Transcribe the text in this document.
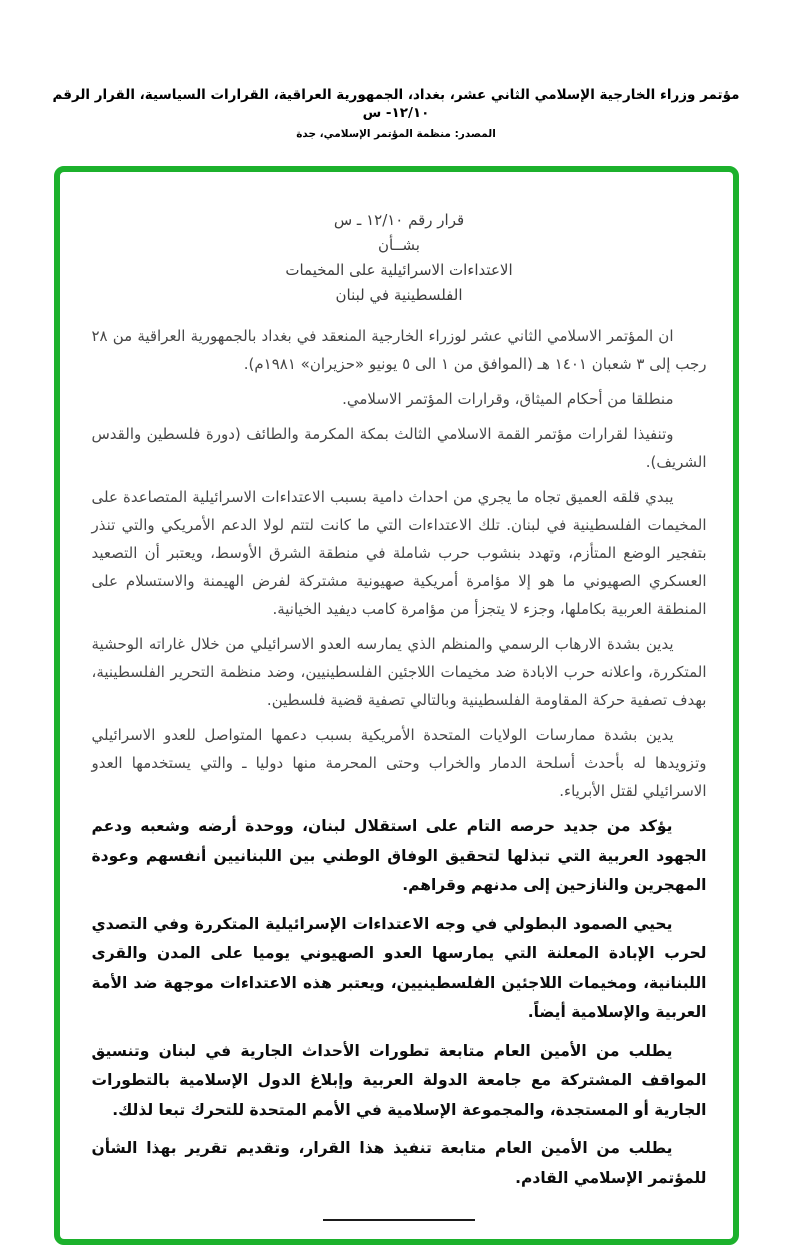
مؤتمر وزراء الخارجية الإسلامي الثاني عشر، بغداد، الجمهورية العراقية، القرارات السياسية، القرار الرقم ١٢/١٠- س
المصدر: منظمة المؤتمر الإسلامي، جدة
قرار رقم ١٢/١٠ ـ س
بشــأن
الاعتداءات الاسرائيلية على المخيمات
الفلسطينية في لبنان

ان المؤتمر الاسلامي الثاني عشر لوزراء الخارجية المنعقد في بغداد بالجمهورية العراقية من ٢٨ رجب إلى ٣ شعبان ١٤٠١ هـ (الموافق من ١ الى ٥ يونيو «حزيران» ١٩٨١م).

منطلقا من أحكام الميثاق، وقرارات المؤتمر الاسلامي.

وتنفيذا لقرارات مؤتمر القمة الاسلامي الثالث بمكة المكرمة والطائف (دورة فلسطين والقدس الشريف).

يبدي قلقه العميق تجاه ما يجري من احداث دامية بسبب الاعتداءات الاسرائيلية المتصاعدة على المخيمات الفلسطينية في لبنان. تلك الاعتداءات التي ما كانت لتتم لولا الدعم الأمريكي والتي تنذر بتفجير الوضع المتأزم، وتهدد بنشوب حرب شاملة في منطقة الشرق الأوسط، ويعتبر أن التصعيد العسكري الصهيوني ما هو إلا مؤامرة أمريكية صهيونية مشتركة لفرض الهيمنة والاستسلام على المنطقة العربية بكاملها، وجزء لا يتجزأ من مؤامرة كامب ديفيد الخيانية.

يدين بشدة الارهاب الرسمي والمنظم الذي يمارسه العدو الاسرائيلي من خلال غاراته الوحشية المتكررة، واعلانه حرب الابادة ضد مخيمات اللاجئين الفلسطينيين، وضد منظمة التحرير الفلسطينية، بهدف تصفية حركة المقاومة الفلسطينية وبالتالي تصفية قضية فلسطين.

يدين بشدة ممارسات الولايات المتحدة الأمريكية بسبب دعمها المتواصل للعدو الاسرائيلي وتزويدها له بأحدث أسلحة الدمار والخراب وحتى المحرمة منها دوليا ـ والتي يستخدمها العدو الاسرائيلي لقتل الأبرياء.

يؤكد من جديد حرصه التام على استقلال لبنان، ووحدة أرضه وشعبه ودعم الجهود العربية التي تبذلها لتحقيق الوفاق الوطني بين اللبنانيين أنفسهم وعودة المهجرين والنازحين إلى مدنهم وقراهم.

يحيي الصمود البطولي في وجه الاعتداءات الإسرائيلية المتكررة وفي التصدي لحرب الإبادة المعلنة التي يمارسها العدو الصهيوني يوميا على المدن والقرى اللبنانية، ومخيمات اللاجئين الفلسطينيين، ويعتبر هذه الاعتداءات موجهة ضد الأمة العربية والإسلامية أيضاً.

يطلب من الأمين العام متابعة تطورات الأحداث الجارية في لبنان وتنسيق المواقف المشتركة مع جامعة الدولة العربية وإبلاغ الدول الإسلامية بالتطورات الجارية أو المستجدة، والمجموعة الإسلامية في الأمم المتحدة للتحرك تبعا لذلك.

يطلب من الأمين العام متابعة تنفيذ هذا القرار، وتقديم تقرير بهذا الشأن للمؤتمر الإسلامي القادم.
